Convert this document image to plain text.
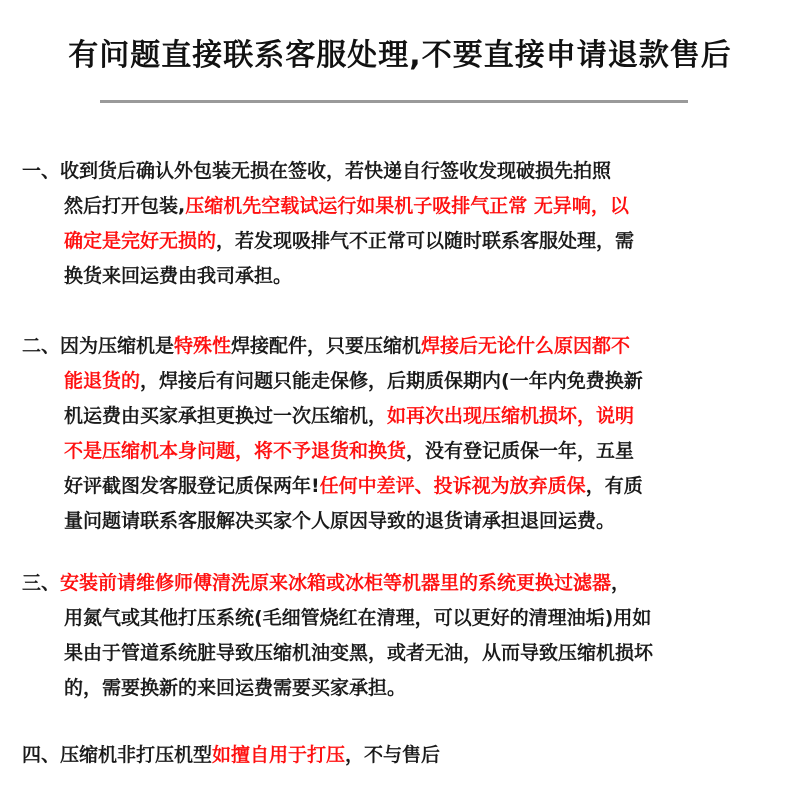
有问题直接联系客服处理,不要直接申请退款售后
一、收到货后确认外包装无损在签收，若快递自行签收发现破损先拍照
然后打开包装,压缩机先空载试运行如果机子吸排气正常 无异响，以
确定是完好无损的，若发现吸排气不正常可以随时联系客服处理，需
换货来回运费由我司承担。
二、因为压缩机是特殊性焊接配件，只要压缩机焊接后无论什么原因都不
能退货的，焊接后有问题只能走保修，后期质保期内(一年内免费换新
机运费由买家承担更换过一次压缩机，如再次出现压缩机损坏，说明
不是压缩机本身问题，将不予退货和换货，没有登记质保一年，五星
好评截图发客服登记质保两年!任何中差评、投诉视为放弃质保，有质
量问题请联系客服解决买家个人原因导致的退货请承担退回运费。
三、安装前请维修师傅清洗原来冰箱或冰柜等机器里的系统更换过滤器，
用氮气或其他打压系统(毛细管烧红在清理，可以更好的清理油垢)用如
果由于管道系统脏导致压缩机油变黑，或者无油，从而导致压缩机损坏
的，需要换新的来回运费需要买家承担。
四、压缩机非打压机型如擅自用于打压，不与售后
